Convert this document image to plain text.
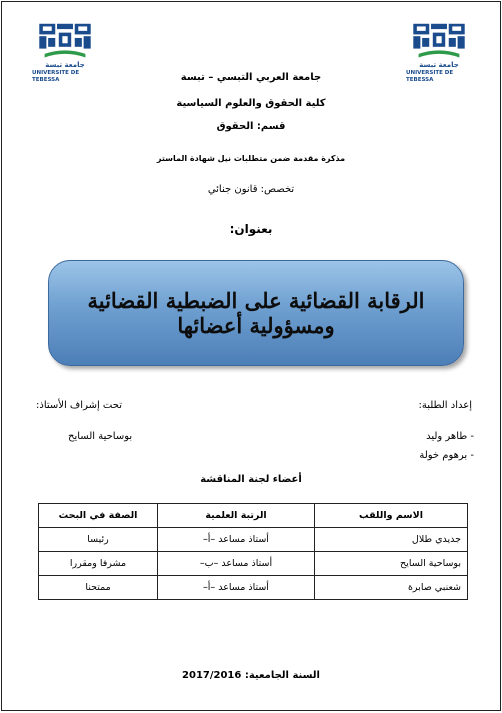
جامعة تبسة
UNIVERSITE DE TEBESSA
جامعة تبسة
UNIVERSITE DE TEBESSA
جامعة العربي التبسي – تبسة
كلية الحقوق والعلوم السياسية
قسم: الحقوق
مذكرة مقدمة ضمن متطلبات نيل شهادة الماستر
تخصص: قانون جنائي
بعنوان:
الرقابة القضائية على الضبطية القضائية ومسؤولية أعضائها
إعداد الطلبة:
تحت إشراف الأستاذ:
- طاهر وليد
- برهوم خولة
بوساحية السايح
أعضاء لجنة المناقشة
الاسم واللقب	الرتبة العلمية	الصفة في البحث
جديدي طلال	أستاذ مساعد –أ–	رئيسا
بوساحية السايح	أستاذ مساعد –ب–	مشرفا ومقررا
شعنبي صابرة	أستاذ مساعد –أ–	ممتحنا
السنة الجامعية: 2017/2016
